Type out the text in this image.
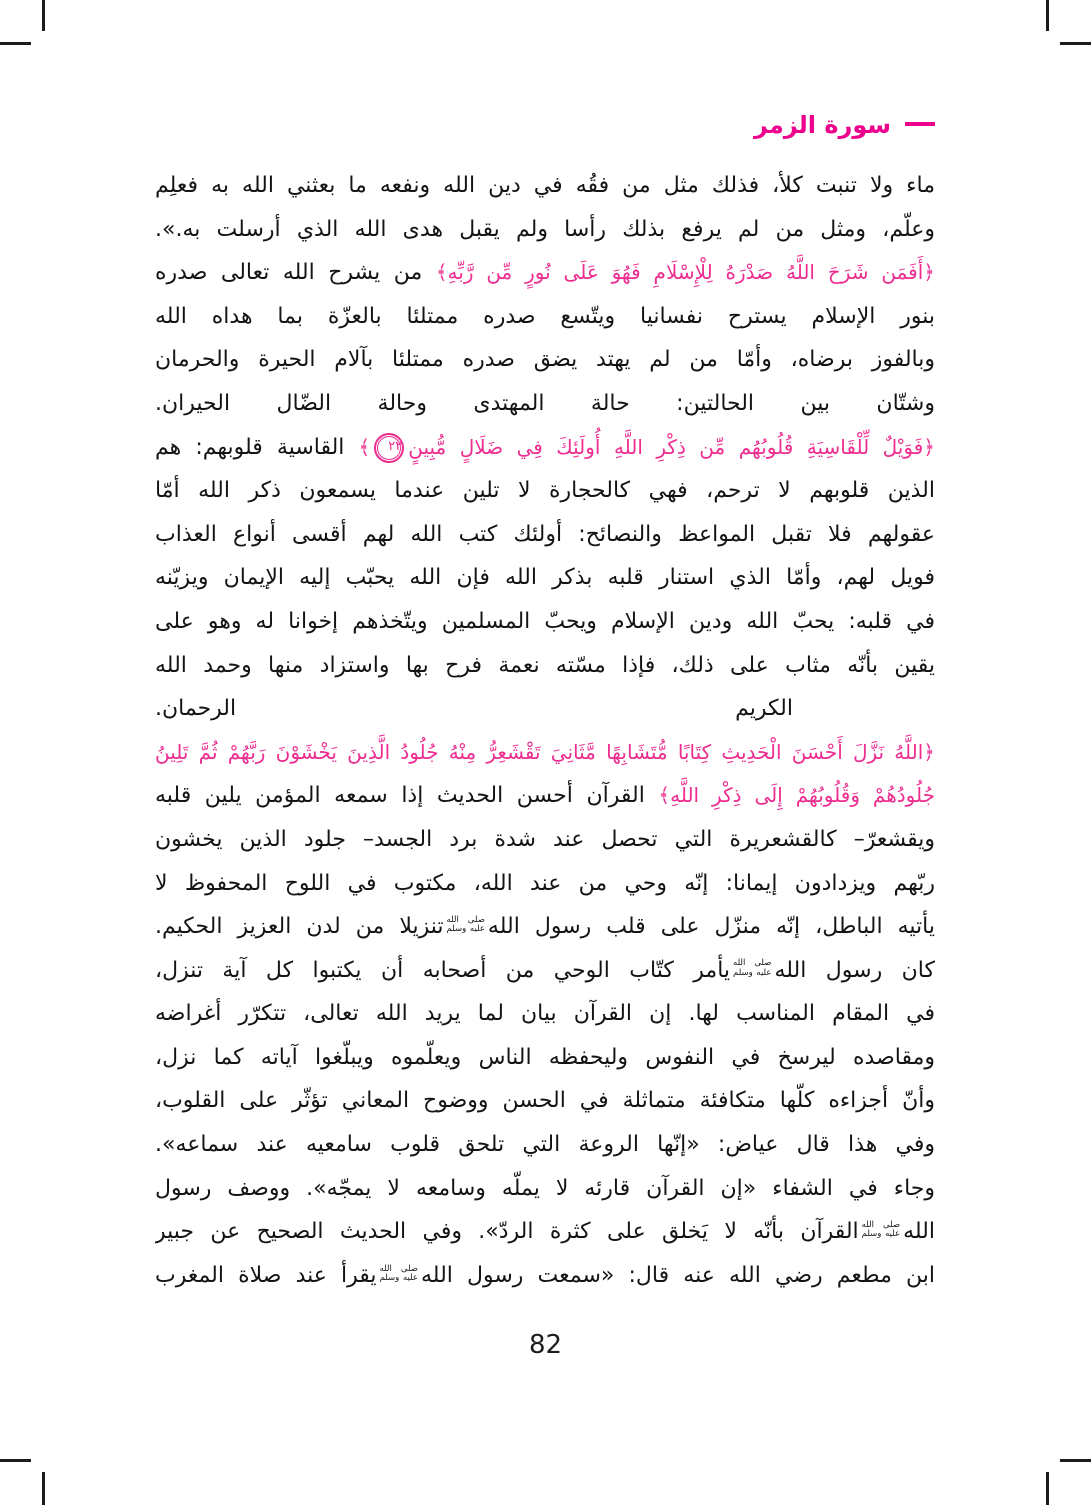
سورة الزمر
ماء ولا تنبت كلأ، فذلك مثل من فقُه في دين الله ونفعه ما بعثني الله به فعلِم
وعلّم، ومثل من لم يرفع بذلك رأسا ولم يقبل هدى الله الذي أرسلت به.».
﴿أَفَمَن شَرَحَ اللَّهُ صَدْرَهُ لِلْإِسْلَامِ فَهُوَ عَلَى نُورٍ مِّن رَّبِّهِ﴾ من يشرح الله تعالى صدره
بنور الإسلام يسترح نفسانيا ويتّسع صدره ممتلئا بالعزّة بما هداه الله
وبالفوز برضاه، وأمّا من لم يهتد يضق صدره ممتلئا بآلام الحيرة والحرمان
وشتّان بين الحالتين: حالة المهتدى وحالة الضّال الحيران.
﴿فَوَيْلٌ لِّلْقَاسِيَةِ قُلُوبُهُم مِّن ذِكْرِ اللَّهِ أُولَئِكَ فِي ضَلَالٍ مُّبِينٍ٢٢﴾ القاسية قلوبهم: هم
الذين قلوبهم لا ترحم، فهي كالحجارة لا تلين عندما يسمعون ذكر الله أمّا
عقولهم فلا تقبل المواعظ والنصائح: أولئك كتب الله لهم أقسى أنواع العذاب
فويل لهم، وأمّا الذي استنار قلبه بذكر الله فإن الله يحبّب إليه الإيمان ويزيّنه
في قلبه: يحبّ الله ودين الإسلام ويحبّ المسلمين ويتّخذهم إخوانا له وهو على
يقين بأنّه مثاب على ذلك، فإذا مسّته نعمة فرح بها واستزاد منها وحمد الله
الكريم الرحمان.
﴿اللَّهُ نَزَّلَ أَحْسَنَ الْحَدِيثِ كِتَابًا مُّتَشَابِهًا مَّثَانِيَ تَقْشَعِرُّ مِنْهُ جُلُودُ الَّذِينَ يَخْشَوْنَ رَبَّهُمْ ثُمَّ تَلِينُ
جُلُودُهُمْ وَقُلُوبُهُمْ إِلَى ذِكْرِ اللَّهِ﴾ القرآن أحسن الحديث إذا سمعه المؤمن يلين قلبه
ويقشعرّ– كالقشعريرة التي تحصل عند شدة برد الجسد– جلود الذين يخشون
ربّهم ويزدادون إيمانا: إنّه وحي من عند الله، مكتوب في اللوح المحفوظ لا
يأتيه الباطل، إنّه منزّل على قلب رسول الله
صلى الله
عليه وسلم
تنزيلا من لدن العزيز الحكيم.
كان رسول الله
صلى الله
عليه وسلم
يأمر كتّاب الوحي من أصحابه أن يكتبوا كل آية تنزل،
في المقام المناسب لها. إن القرآن بيان لما يريد الله تعالى، تتكرّر أغراضه
ومقاصده ليرسخ في النفوس وليحفظه الناس ويعلّموه ويبلّغوا آياته كما نزل،
وأنّ أجزاءه كلّها متكافئة متماثلة في الحسن ووضوح المعاني تؤثّر على القلوب،
وفي هذا قال عياض: «إنّها الروعة التي تلحق قلوب سامعيه عند سماعه».
وجاء في الشفاء «إن القرآن قارئه لا يملّه وسامعه لا يمجّه». ووصف رسول
الله
صلى الله
عليه وسلم
القرآن بأنّه لا يَخلق على كثرة الردّ». وفي الحديث الصحيح عن جبير
ابن مطعم رضي الله عنه قال: «سمعت رسول الله
صلى الله
عليه وسلم
يقرأ عند صلاة المغرب
82
